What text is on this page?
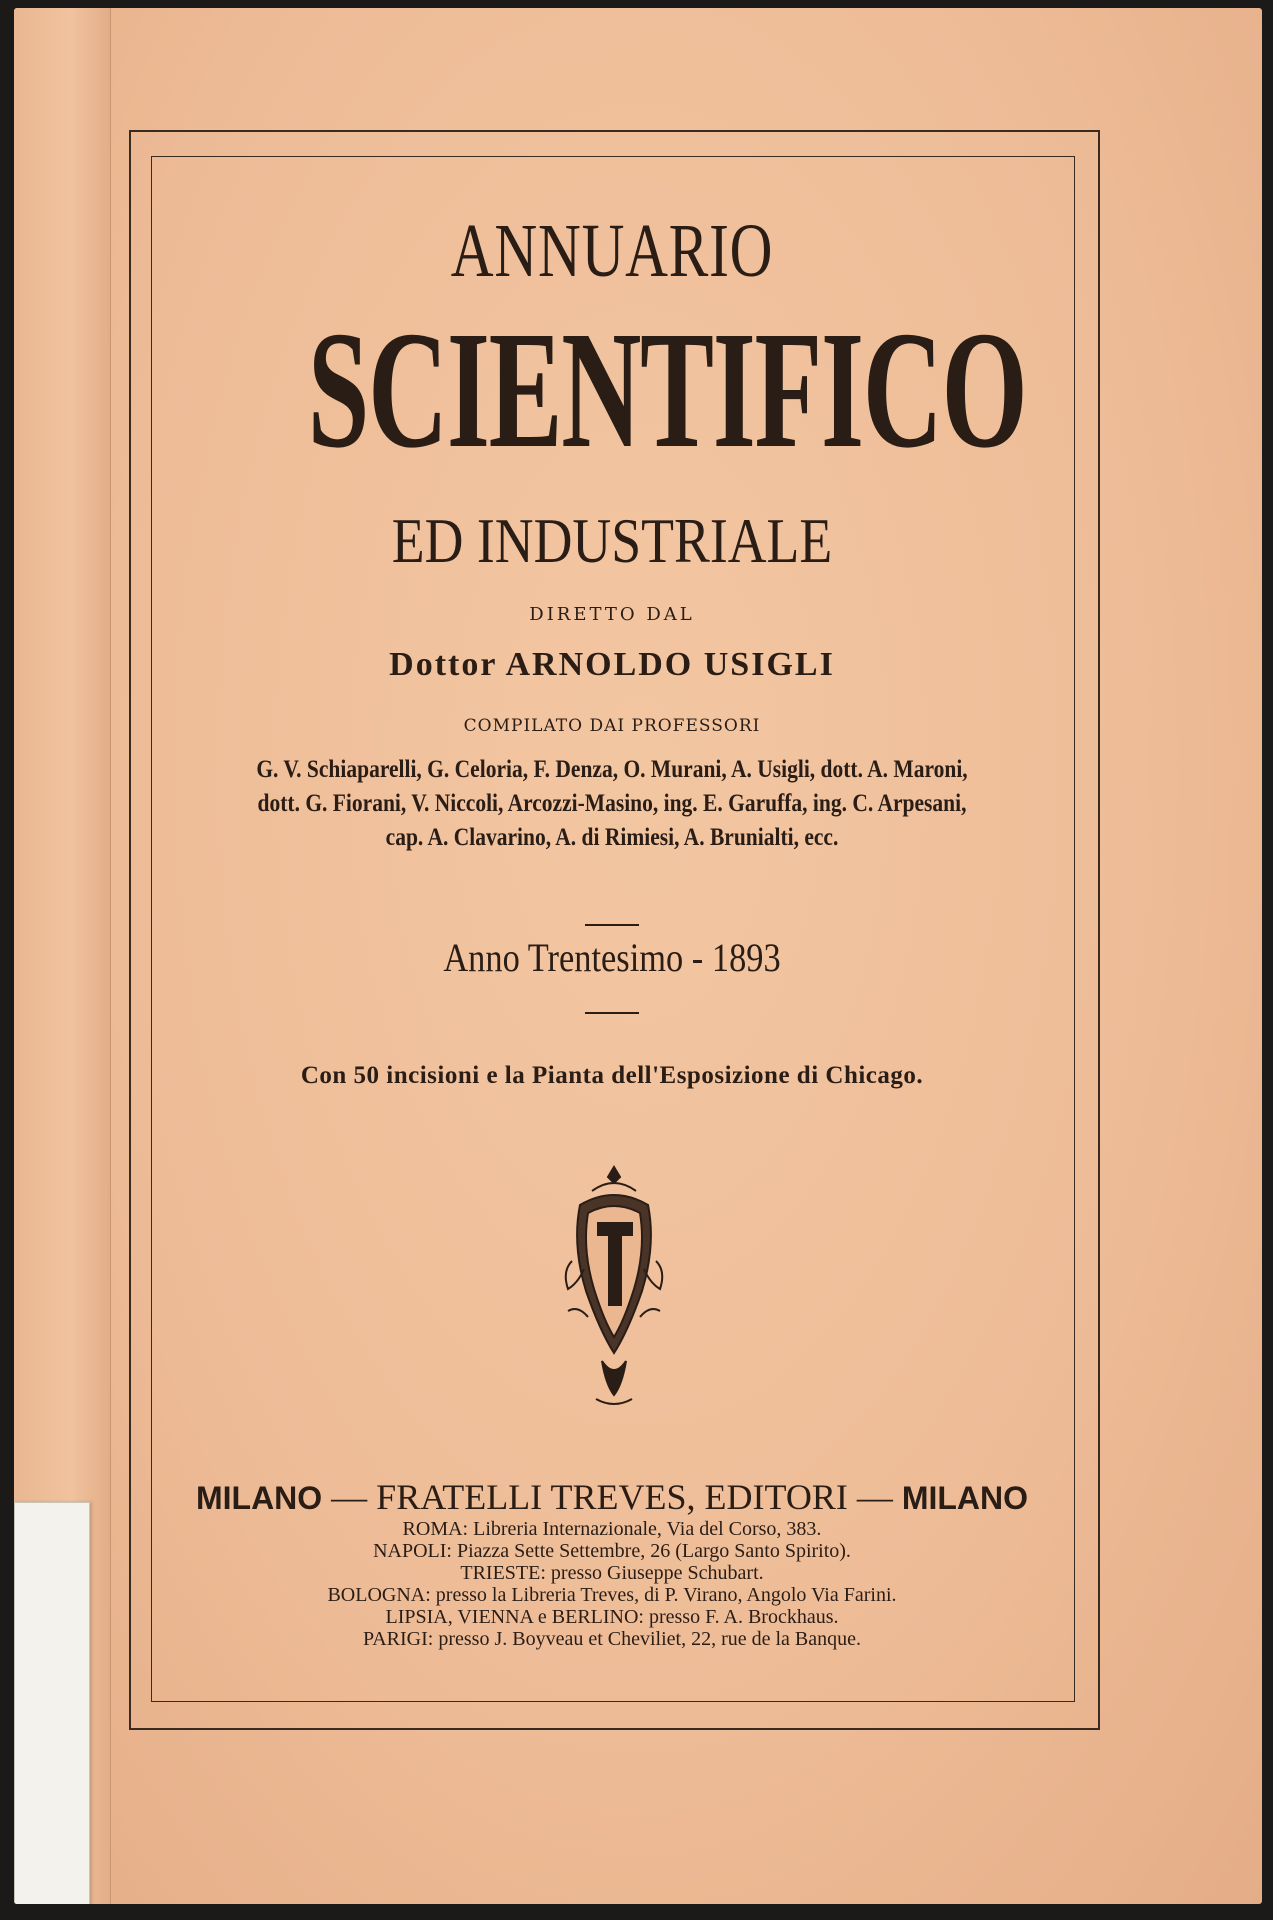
ANNUARIO
SCIENTIFICO
ED INDUSTRIALE
DIRETTO DAL
Dottor ARNOLDO USIGLI
COMPILATO DAI PROFESSORI
G. V. Schiaparelli, G. Celoria, F. Denza, O. Murani, A. Usigli, dott. A. Maroni,
dott. G. Fiorani, V. Niccoli, Arcozzi-Masino, ing. E. Garuffa, ing. C. Arpesani,
cap. A. Clavarino, A. di Rimiesi, A. Brunialti, ecc.
Anno Trentesimo - 1893
Con 50 incisioni e la Pianta dell'Esposizione di Chicago.
MILANO — FRATELLI TREVES, EDITORI — MILANO
ROMA: Libreria Internazionale, Via del Corso, 383.
NAPOLI: Piazza Sette Settembre, 26 (Largo Santo Spirito).
TRIESTE: presso Giuseppe Schubart.
BOLOGNA: presso la Libreria Treves, di P. Virano, Angolo Via Farini.
LIPSIA, VIENNA e BERLINO: presso F. A. Brockhaus.
PARIGI: presso J. Boyveau et Cheviliet, 22, rue de la Banque.
